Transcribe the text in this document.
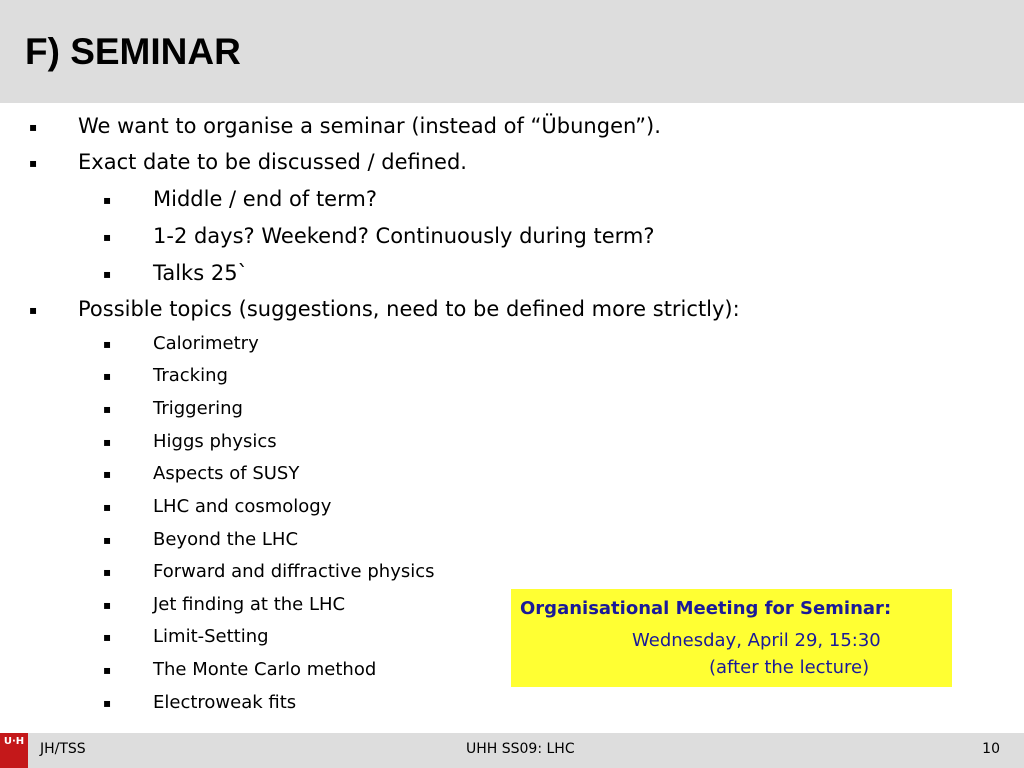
F) SEMINAR
▪ We want to organise a seminar (instead of “Übungen”).
▪ Exact date to be discussed / defined.
▪ Middle / end of term?
▪ 1-2 days? Weekend? Continuously during term?
▪ Talks 25`
▪ Possible topics (suggestions, need to be defined more strictly):
▪ Calorimetry
▪ Tracking
▪ Triggering
▪ Higgs physics
▪ Aspects of SUSY
▪ LHC and cosmology
▪ Beyond the LHC
▪ Forward and diffractive physics
▪ Jet finding at the LHC
▪ Limit-Setting
▪ The Monte Carlo method
▪ Electroweak fits
Organisational Meeting for Seminar:
Wednesday, April 29, 15:30
(after the lecture)
U·H JH/TSS	UHH SS09: LHC	10
